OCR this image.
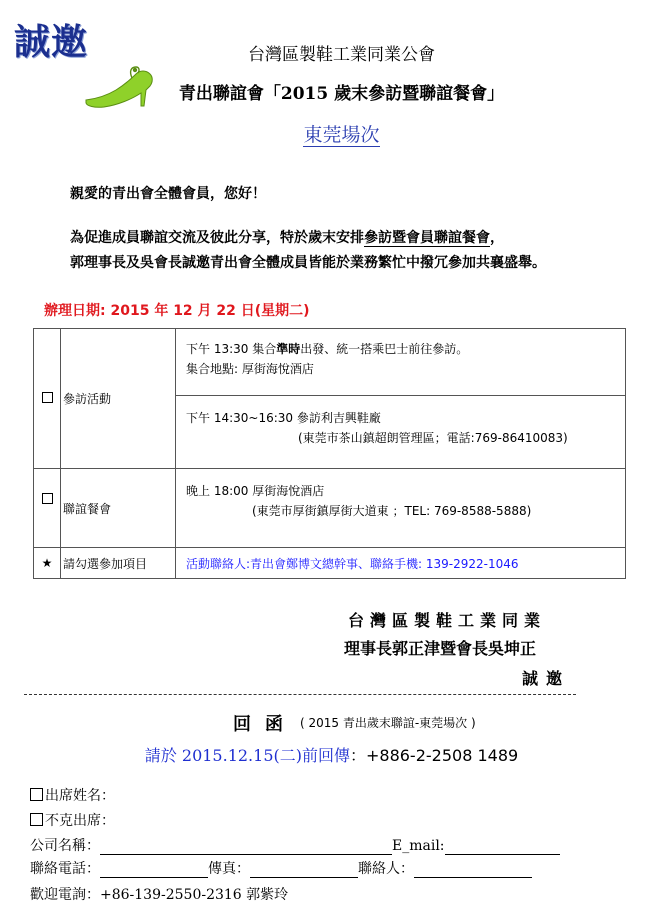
誠邀	台灣區製鞋工業同業公會
青出聯誼會「2015 歲末參訪暨聯誼餐會」
東莞場次
親愛的青出會全體會員，您好！
為促進成員聯誼交流及彼此分享，特於歲末安排參訪暨會員聯誼餐會，
郭理事長及吳會長誠邀青出會全體成員皆能於業務繁忙中撥冗參加共襄盛舉。
辦理日期: 2015 年 12 月 22 日(星期二)
	參訪活動	下午 13:30 集合準時出發、統一搭乘巴士前往參訪。
集合地點: 厚街海悅酒店

		下午 14:30~16:30 參訪利吉興鞋廠
(東莞市茶山鎮超朗管理區；電話:769-86410083)

	聯誼餐會	晚上 18:00 厚街海悅酒店
(東莞市厚街鎮厚街大道東 ；TEL: 769-8588-5888)

★	請勾選參加項目	活動聯絡人:青出會鄭博文總幹事、聯絡手機: 139-2922-1046
台灣區製鞋工業同業
理事長郭正津暨會長吳坤正
誠邀
回函 ( 2015 青出歲末聯誼-東莞場次 )
請於 2015.12.15(二)前回傳：+886-2-2508 1489
出席姓名：
不克出席：
公司名稱：	E_mail:
聯絡電話：	傳真：	聯絡人：
歡迎電詢：+86-139-2550-2316 郭紫玲
